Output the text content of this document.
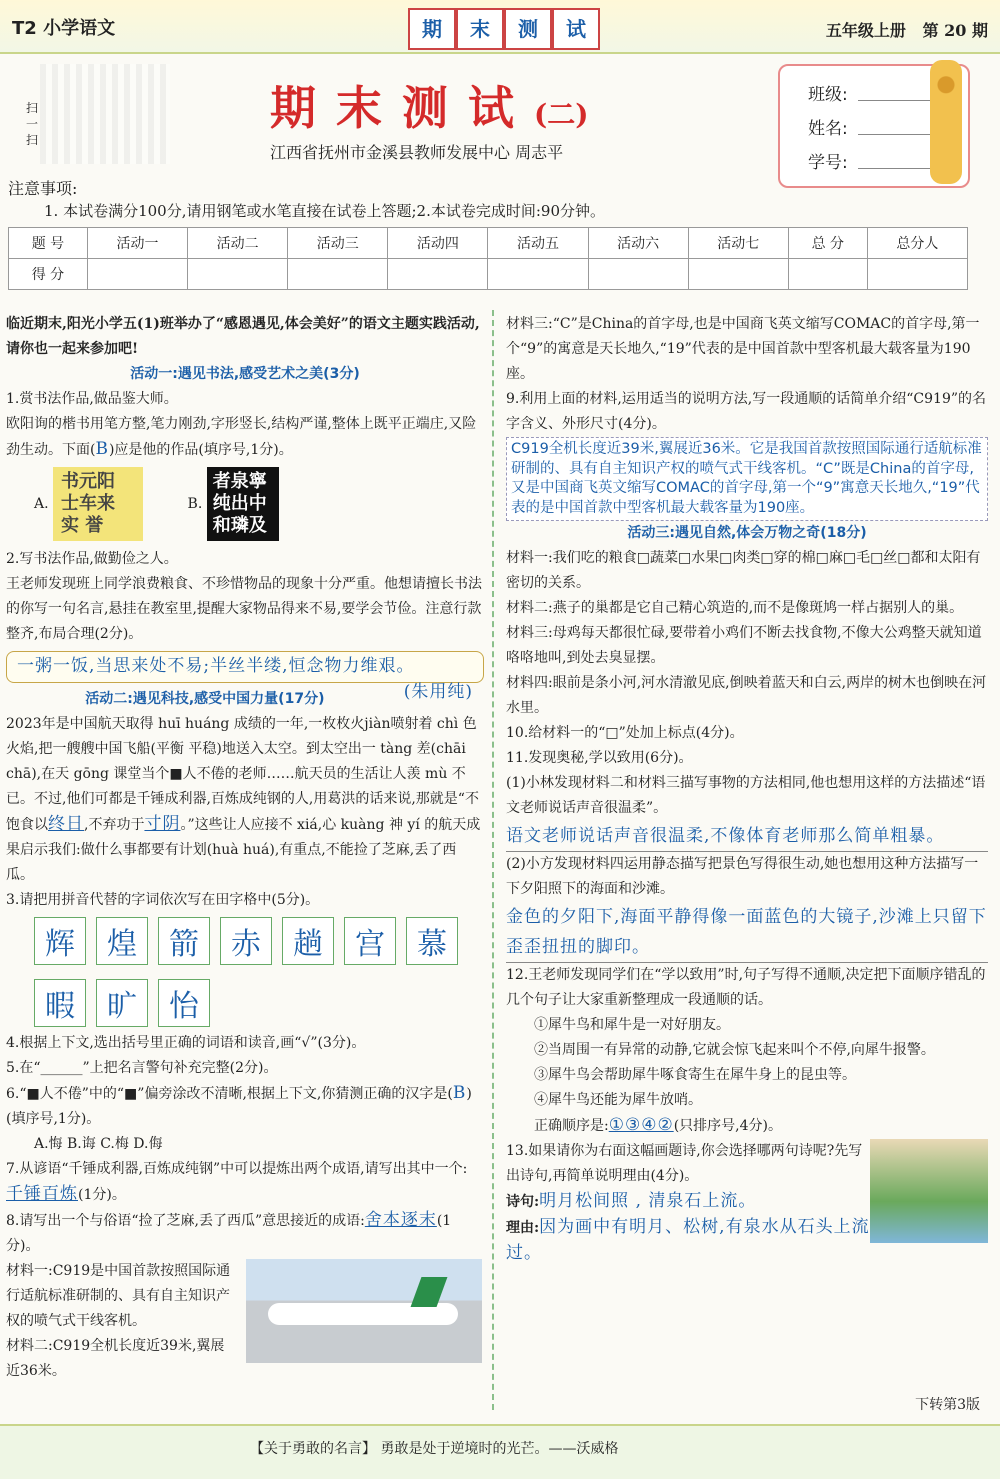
T2 小学语文	期	末	测	试	五年级上册 第 20 期
扫一扫
期末测试(二)
江西省抚州市金溪县教师发展中心 周志平
班级:
姓名:
学号:
注意事项:
1. 本试卷满分100分,请用钢笔或水笔直接在试卷上答题;2.本试卷完成时间:90分钟。
题 号	活动一	活动二	活动三	活动四	活动五	活动六	活动七	总 分	总分人
得 分									

临近期末,阳光小学五(1)班举办了“感恩遇见,体会美好”的语文主题实践活动,请你也一起来参加吧!

活动一:遇见书法,感受艺术之美(3分)

1.赏书法作品,做品鉴大师。

欧阳询的楷书用笔方整,笔力刚劲,字形竖长,结构严谨,整体上既平正端庄,又险劲生动。下面(B)应是他的作品(填序号,1分)。

A. 书元阳 士车来 实 誉          B. 者泉寧 纯出中 和璘及

2.写书法作品,做勤俭之人。

王老师发现班上同学浪费粮食、不珍惜物品的现象十分严重。他想请擅长书法的你写一句名言,悬挂在教室里,提醒大家物品得来不易,要学会节俭。注意行款整齐,布局合理(2分)。

一粥一饭,当思来处不易;半丝半缕,恒念物力维艰。
(朱用纯)

活动二:遇见科技,感受中国力量(17分)

2023年是中国航天取得 huī huáng 成绩的一年,一枚枚火jiàn喷射着 chì 色火焰,把一艘艘中国飞船(平衡 平稳)地送入太空。到太空出一 tàng 差(chāi chā),在天 gōng 课堂当个■人不倦的老师……航天员的生活让人羡 mù 不已。不过,他们可都是千锤成利器,百炼成纯钢的人,用葛洪的话来说,那就是“不饱食以终日,不弃功于寸阴。”这些让人应接不 xiá,心 kuàng 神 yí 的航天成果启示我们:做什么事都要有计划(huà huá),有重点,不能捡了芝麻,丢了西瓜。

3.请把用拼音代替的字词依次写在田字格中(5分)。

辉	煌	箭	赤	趟	宫	慕
暇	旷	怡

4.根据上下文,选出括号里正确的词语和读音,画“√”(3分)。

5.在“______”上把名言警句补充完整(2分)。

6.“■人不倦”中的“■”偏旁涂改不清晰,根据上下文,你猜测正确的汉字是(B)(填序号,1分)。

A.悔 B.诲 C.梅 D.侮

7.从谚语“千锤成利器,百炼成纯钢”中可以提炼出两个成语,请写出其中一个:千锤百炼(1分)。

8.请写出一个与俗语“捡了芝麻,丢了西瓜”意思接近的成语:舍本逐末(1分)。

材料一:C919是中国首款按照国际通行适航标准研制的、具有自主知识产权的喷气式干线客机。

材料二:C919全机长度近39米,翼展近36米。

材料三:“C”是China的首字母,也是中国商飞英文缩写COMAC的首字母,第一个“9”的寓意是天长地久,“19”代表的是中国首款中型客机最大载客量为190座。

9.利用上面的材料,运用适当的说明方法,写一段通顺的话简单介绍“C919”的名字含义、外形尺寸(4分)。

C919全机长度近39米,翼展近36米。它是我国首款按照国际通行适航标准研制的、具有自主知识产权的喷气式干线客机。“C”既是China的首字母,又是中国商飞英文缩写COMAC的首字母,第一个“9”寓意天长地久,“19”代表的是中国首款中型客机最大载客量为190座。

活动三:遇见自然,体会万物之奇(18分)

材料一:我们吃的粮食□蔬菜□水果□肉类□穿的棉□麻□毛□丝□都和太阳有密切的关系。

材料二:燕子的巢都是它自己精心筑造的,而不是像斑鸠一样占据别人的巢。

材料三:母鸡每天都很忙碌,要带着小鸡们不断去找食物,不像大公鸡整天就知道咯咯地叫,到处去臭显摆。

材料四:眼前是条小河,河水清澈见底,倒映着蓝天和白云,两岸的树木也倒映在河水里。

10.给材料一的“□”处加上标点(4分)。

11.发现奥秘,学以致用(6分)。

(1)小林发现材料二和材料三描写事物的方法相同,他也想用这样的方法描述“语文老师说话声音很温柔”。

语文老师说话声音很温柔,不像体育老师那么简单粗暴。

(2)小方发现材料四运用静态描写把景色写得很生动,她也想用这种方法描写一下夕阳照下的海面和沙滩。

金色的夕阳下,海面平静得像一面蓝色的大镜子,沙滩上只留下歪歪扭扭的脚印。

12.王老师发现同学们在“学以致用”时,句子写得不通顺,决定把下面顺序错乱的几个句子让大家重新整理成一段通顺的话。

①犀牛鸟和犀牛是一对好朋友。

②当周围一有异常的动静,它就会惊飞起来叫个不停,向犀牛报警。

③犀牛鸟会帮助犀牛啄食寄生在犀牛身上的昆虫等。

④犀牛鸟还能为犀牛放哨。

正确顺序是:①③④②(只排序号,4分)。

13.如果请你为右面这幅画题诗,你会选择哪两句诗呢?先写出诗句,再简单说明理由(4分)。

诗句:明月松间照 , 清泉石上流。

理由:因为画中有明月、松树,有泉水从石头上流过。

下转第3版
【关于勇敢的名言】 勇敢是处于逆境时的光芒。——沃威格
